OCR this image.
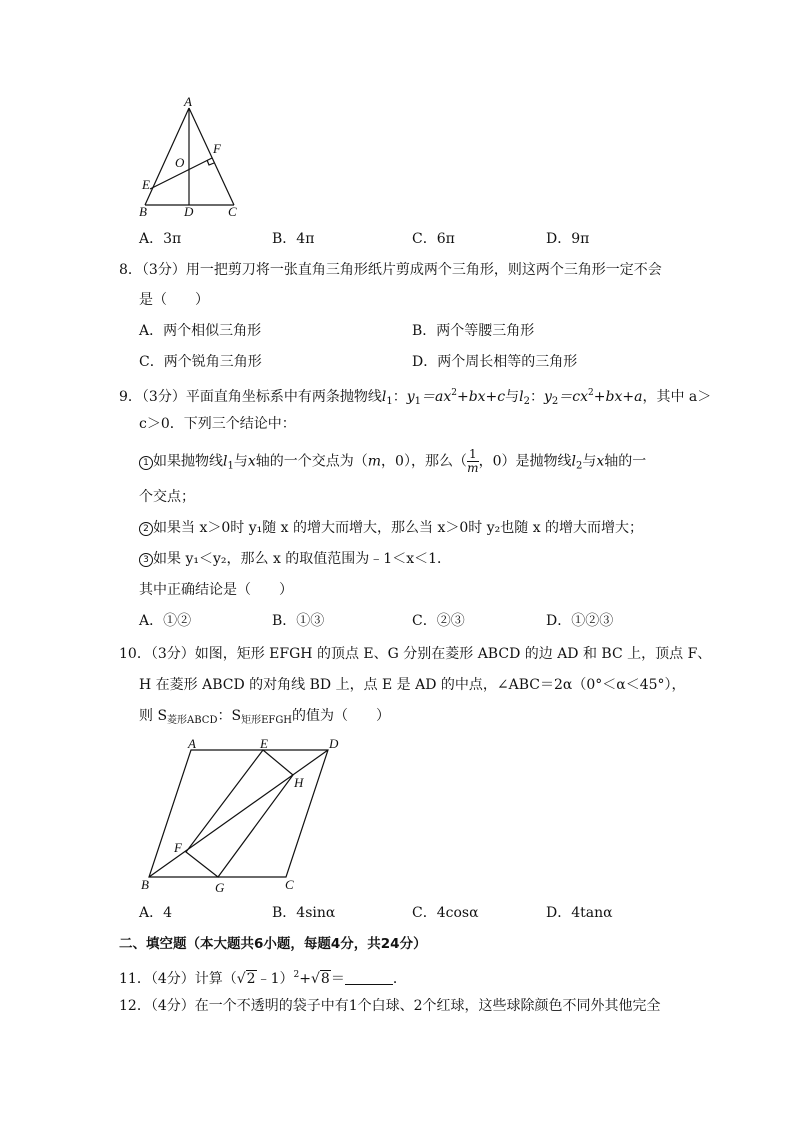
A
O
F
E
B	D	C
A．3π	B．4π	C．6π	D．9π
8．（3分）用一把剪刀将一张直角三角形纸片剪成两个三角形，则这两个三角形一定不会
是（　　）
A．两个相似三角形	B．两个等腰三角形
C．两个锐角三角形	D．两个周长相等的三角形
9．（3分）平面直角坐标系中有两条抛物线$l_1$：$y_1=ax^2+bx+c$与$l_2$：$y_2=cx^2+bx+a$，其中 a＞
c＞0．下列三个结论中：
1 如果抛物线$l_1$与x轴的一个交点为（m，0），那么（ $\frac{1}{m}$ ，0）是抛物线$l_2$与x轴的一
个交点；
2 如果当 x＞0时 y₁随 x 的增大而增大，那么当 x＞0时 y₂也随 x 的增大而增大；
3 如果 y₁＜y₂，那么 x 的取值范围为﹣1＜x＜1．
其中正确结论是（　　）
A．①②	B．①③	C．②③	D．①②③
10．（3分）如图，矩形 EFGH 的顶点 E、G 分别在菱形 ABCD 的边 AD 和 BC 上，顶点 F、
H 在菱形 ABCD 的对角线 BD 上，点 E 是 AD 的中点，∠ABC＝2α（0°＜α＜45°），
则 $S_{菱形ABCD}$：$S_{矩形EFGH}$的值为（　　）
A	E	D
H
F
B	G	C
A．4	B．4sinα	C．4cosα	D．4tanα
二、填空题（本大题共6小题，每题4分，共24分）
11．（4分）计算（√2﹣1）$^2$+√8＝	．
12．（4分）在一个不透明的袋子中有1个白球、2个红球，这些球除颜色不同外其他完全
